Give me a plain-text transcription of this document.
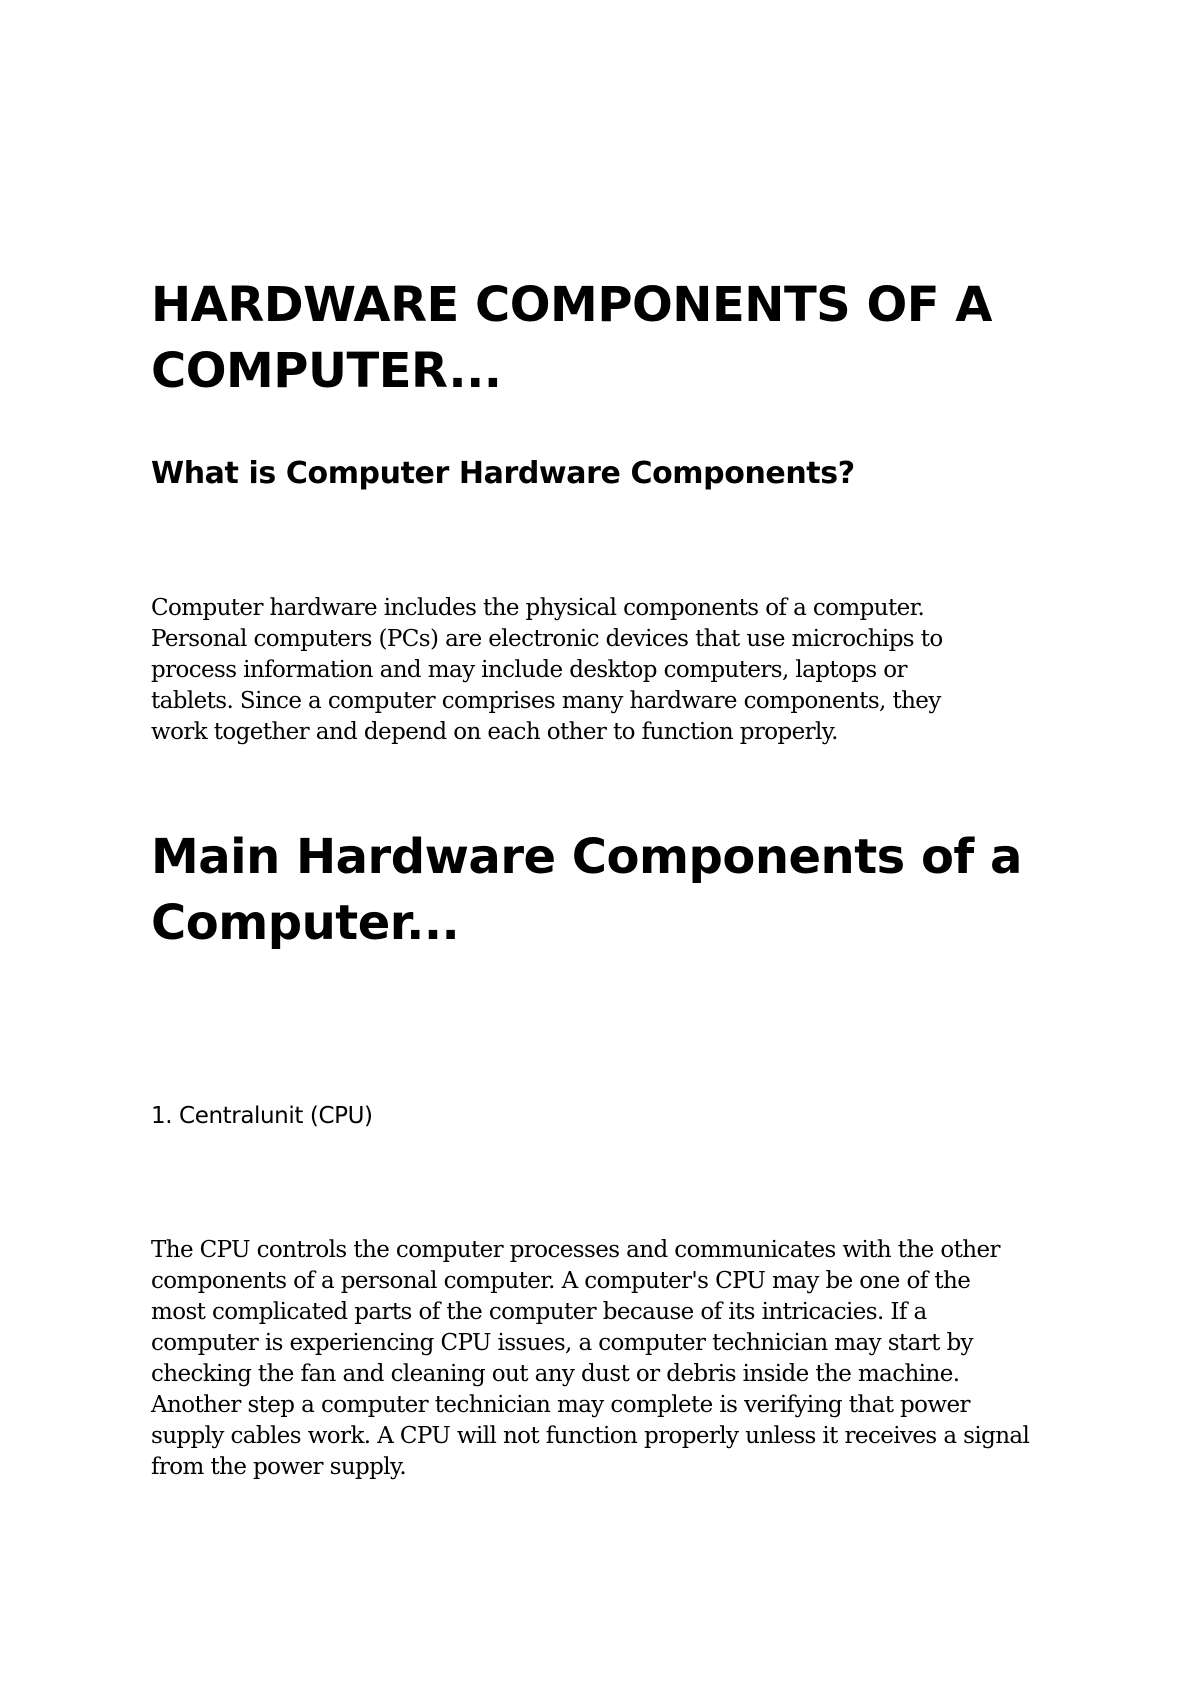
HARDWARE COMPONENTS OF A COMPUTER...
What is Computer Hardware Components?

Computer hardware includes the physical components of a computer. Personal computers (PCs) are electronic devices that use microchips to process information and may include desktop computers, laptops or tablets. Since a computer comprises many hardware components, they work together and depend on each other to function properly.

Main Hardware Components of a Computer...

1. Centralunit (CPU)

The CPU controls the computer processes and communicates with the other components of a personal computer. A computer's CPU may be one of the most complicated parts of the computer because of its intricacies. If a computer is experiencing CPU issues, a computer technician may start by checking the fan and cleaning out any dust or debris inside the machine. Another step a computer technician may complete is verifying that power supply cables work. A CPU will not function properly unless it receives a signal from the power supply.
